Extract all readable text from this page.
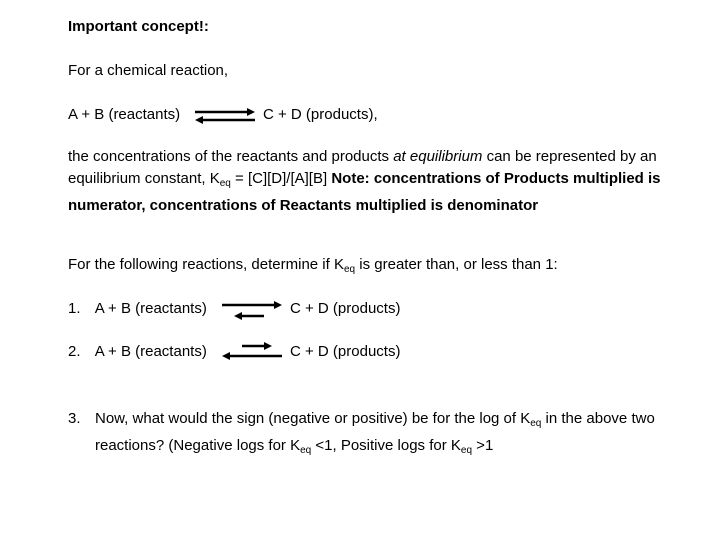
Important concept!:
For a chemical reaction,
A + B (reactants)	C + D (products),
the concentrations of the reactants and products at equilibrium can be represented by an equilibrium constant, $K_{eq} = [C][D]/[A][B]$ Note: concentrations of Products multiplied is numerator, concentrations of Reactants multiplied is denominator
For the following reactions, determine if $K_{eq}$ is greater than, or less than 1:
1. A + B (reactants)	C + D (products)
2. A + B (reactants)	C + D (products)
3. Now, what would the sign (negative or positive) be for the log of $K_{eq}$ in the above two reactions? (Negative logs for $K_{eq} <1$, Positive logs for $K_{eq} >1$
